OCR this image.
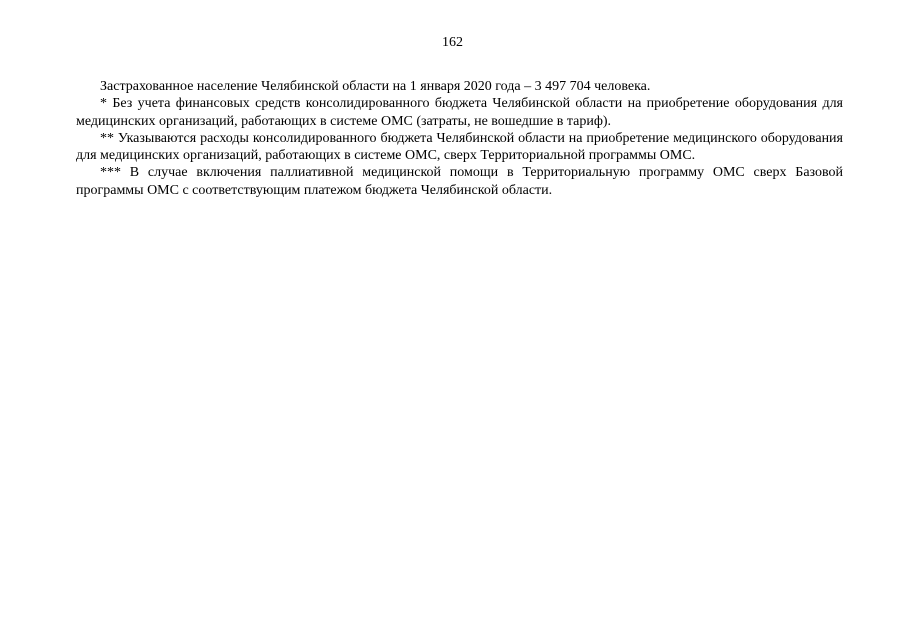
162

Застрахованное население Челябинской области на 1 января 2020 года – 3 497 704 человека.

* Без учета финансовых средств консолидированного бюджета Челябинской области на приобретение оборудования для медицинских организаций, работающих в системе ОМС (затраты, не вошедшие в тариф).

** Указываются расходы консолидированного бюджета Челябинской области на приобретение медицинского оборудования для медицинских организаций, работающих в системе ОМС, сверх Территориальной программы ОМС.

*** В случае включения паллиативной медицинской помощи в Территориальную программу ОМС сверх Базовой программы ОМС с соответствующим платежом бюджета Челябинской области.
